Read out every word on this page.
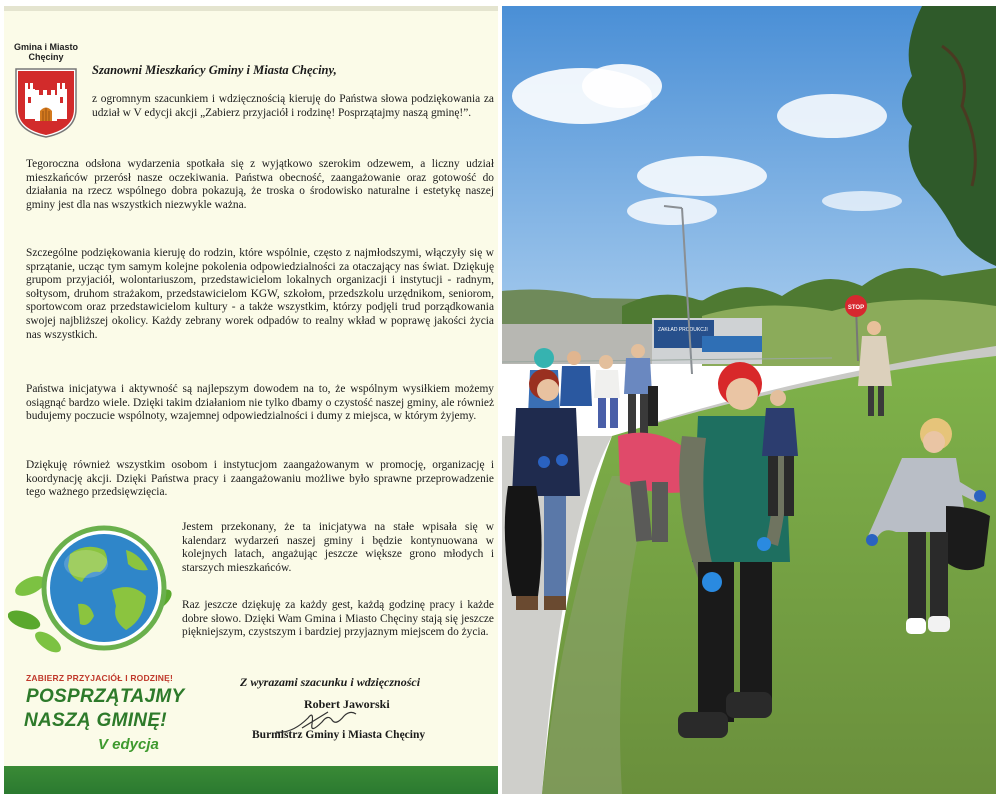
Gmina i Miasto Chęciny
Szanowni Mieszkańcy Gminy i Miasta Chęciny,

z ogromnym szacunkiem i wdzięcznością kieruję do Państwa słowa podziękowania za udział w V edycji akcji „Zabierz przyjaciół i rodzinę! Posprzątajmy naszą gminę!”.

Tegoroczna odsłona wydarzenia spotkała się z wyjątkowo szerokim odzewem, a liczny udział mieszkańców przerósł nasze oczekiwania. Państwa obecność, zaangażowanie oraz gotowość do działania na rzecz wspólnego dobra pokazują, że troska o środowisko naturalne i estetykę naszej gminy jest dla nas wszystkich niezwykle ważna.

Szczególne podziękowania kieruję do rodzin, które wspólnie, często z najmłodszymi, włączyły się w sprzątanie, ucząc tym samym kolejne pokolenia odpowiedzialności za otaczający nas świat. Dziękuję grupom przyjaciół, wolontariuszom, przedstawicielom lokalnych organizacji i instytucji - radnym, sołtysom, druhom strażakom, przedstawicielom KGW, szkołom, przedszkolu urzędnikom, seniorom, sportowcom oraz przedstawicielom kultury - a także wszystkim, którzy podjęli trud porządkowania swojej najbliższej okolicy. Każdy zebrany worek odpadów to realny wkład w poprawę jakości życia nas wszystkich.

Państwa inicjatywa i aktywność są najlepszym dowodem na to, że wspólnym wysiłkiem możemy osiągnąć bardzo wiele. Dzięki takim działaniom nie tylko dbamy o czystość naszej gminy, ale również budujemy poczucie wspólnoty, wzajemnej odpowiedzialności i dumy z miejsca, w którym żyjemy.

Dziękuję również wszystkim osobom i instytucjom zaangażowanym w promocję, organizację i koordynację akcji. Dzięki Państwa pracy i zaangażowaniu możliwe było sprawne przeprowadzenie tego ważnego przedsięwzięcia.

Jestem przekonany, że ta inicjatywa na stałe wpisała się w kalendarz wydarzeń naszej gminy i będzie kontynuowana w kolejnych latach, angażując jeszcze większe grono młodych i starszych mieszkańców.

Raz jeszcze dziękuję za każdy gest, każdą godzinę pracy i każde dobre słowo. Dzięki Wam Gmina i Miasto Chęciny stają się jeszcze piękniejszym, czystszym i bardziej przyjaznym miejscem do życia.

ZABIERZ PRZYJACIÓŁ I RODZINĘ!
POSPRZĄTAJMY
NASZĄ GMINĘ!
V edycja
Z wyrazami szacunku i wdzięczności
Robert Jaworski
Burmistrz Gminy i Miasta Chęciny
ZAKŁAD PRODUKCJI
STOP
